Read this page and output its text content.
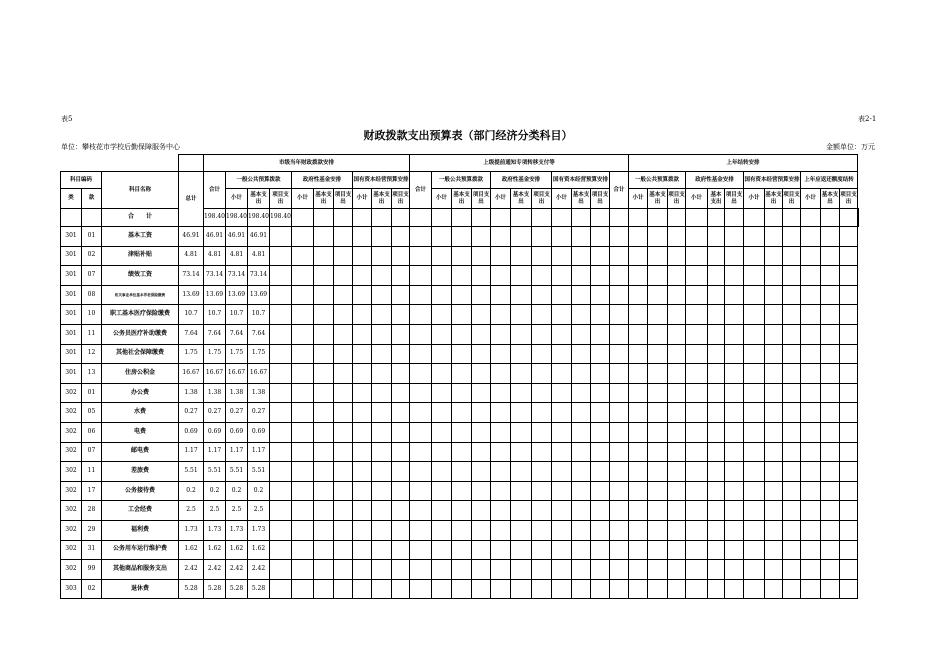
表5	表2-1
财政拨款支出预算表（部门经济分类科目）
单位：攀枝花市学校后勤保障服务中心	金额单位：万元
				市级当年财政拨款安排										上级提前通知专项转移支付等											上年结转安排												
科目编码		科目名称	总计	合计	一般公共预算拨款			政府性基金安排			国有资本经营预算安排			合计	一般公共预算拨款			政府性基金安排			国有资本经营预算安排			合计	一般公共预算拨款			政府性基金安排			国有资本经营预算安排			上年应返还额度结转			
类	款				小计	基本支出	项目支出	小计	基本支出	项目支出	小计	基本支出	项目支出		小计	基本支出	项目支出	小计	基本支出	项目支出	小计	基本支出	项目支出		小计	基本支出	项目支出	小计	基本支出	项目支出	小计	基本支出	项目支出	小计	基本支出	项目支出	
		合　　计		198.40	198.40	198.40	198.40																														
301	01	基本工资	46.91	46.91	46.91	46.91																															
301	02	津贴补贴	4.81	4.81	4.81	4.81																															
301	07	绩效工资	73.14	73.14	73.14	73.14																															
301	08	机关事业单位基本养老保险缴费	13.69	13.69	13.69	13.69																															
301	10	职工基本医疗保险缴费	10.7	10.7	10.7	10.7																															
301	11	公务员医疗补助缴费	7.64	7.64	7.64	7.64																															
301	12	其他社会保障缴费	1.75	1.75	1.75	1.75																															
301	13	住房公积金	16.67	16.67	16.67	16.67																															
302	01	办公费	1.38	1.38	1.38	1.38																															
302	05	水费	0.27	0.27	0.27	0.27																															
302	06	电费	0.69	0.69	0.69	0.69																															
302	07	邮电费	1.17	1.17	1.17	1.17																															
302	11	差旅费	5.51	5.51	5.51	5.51																															
302	17	公务接待费	0.2	0.2	0.2	0.2																															
302	28	工会经费	2.5	2.5	2.5	2.5																															
302	29	福利费	1.73	1.73	1.73	1.73																															
302	31	公务用车运行维护费	1.62	1.62	1.62	1.62																															
302	99	其他商品和服务支出	2.42	2.42	2.42	2.42																															
303	02	退休费	5.28	5.28	5.28	5.28																															
